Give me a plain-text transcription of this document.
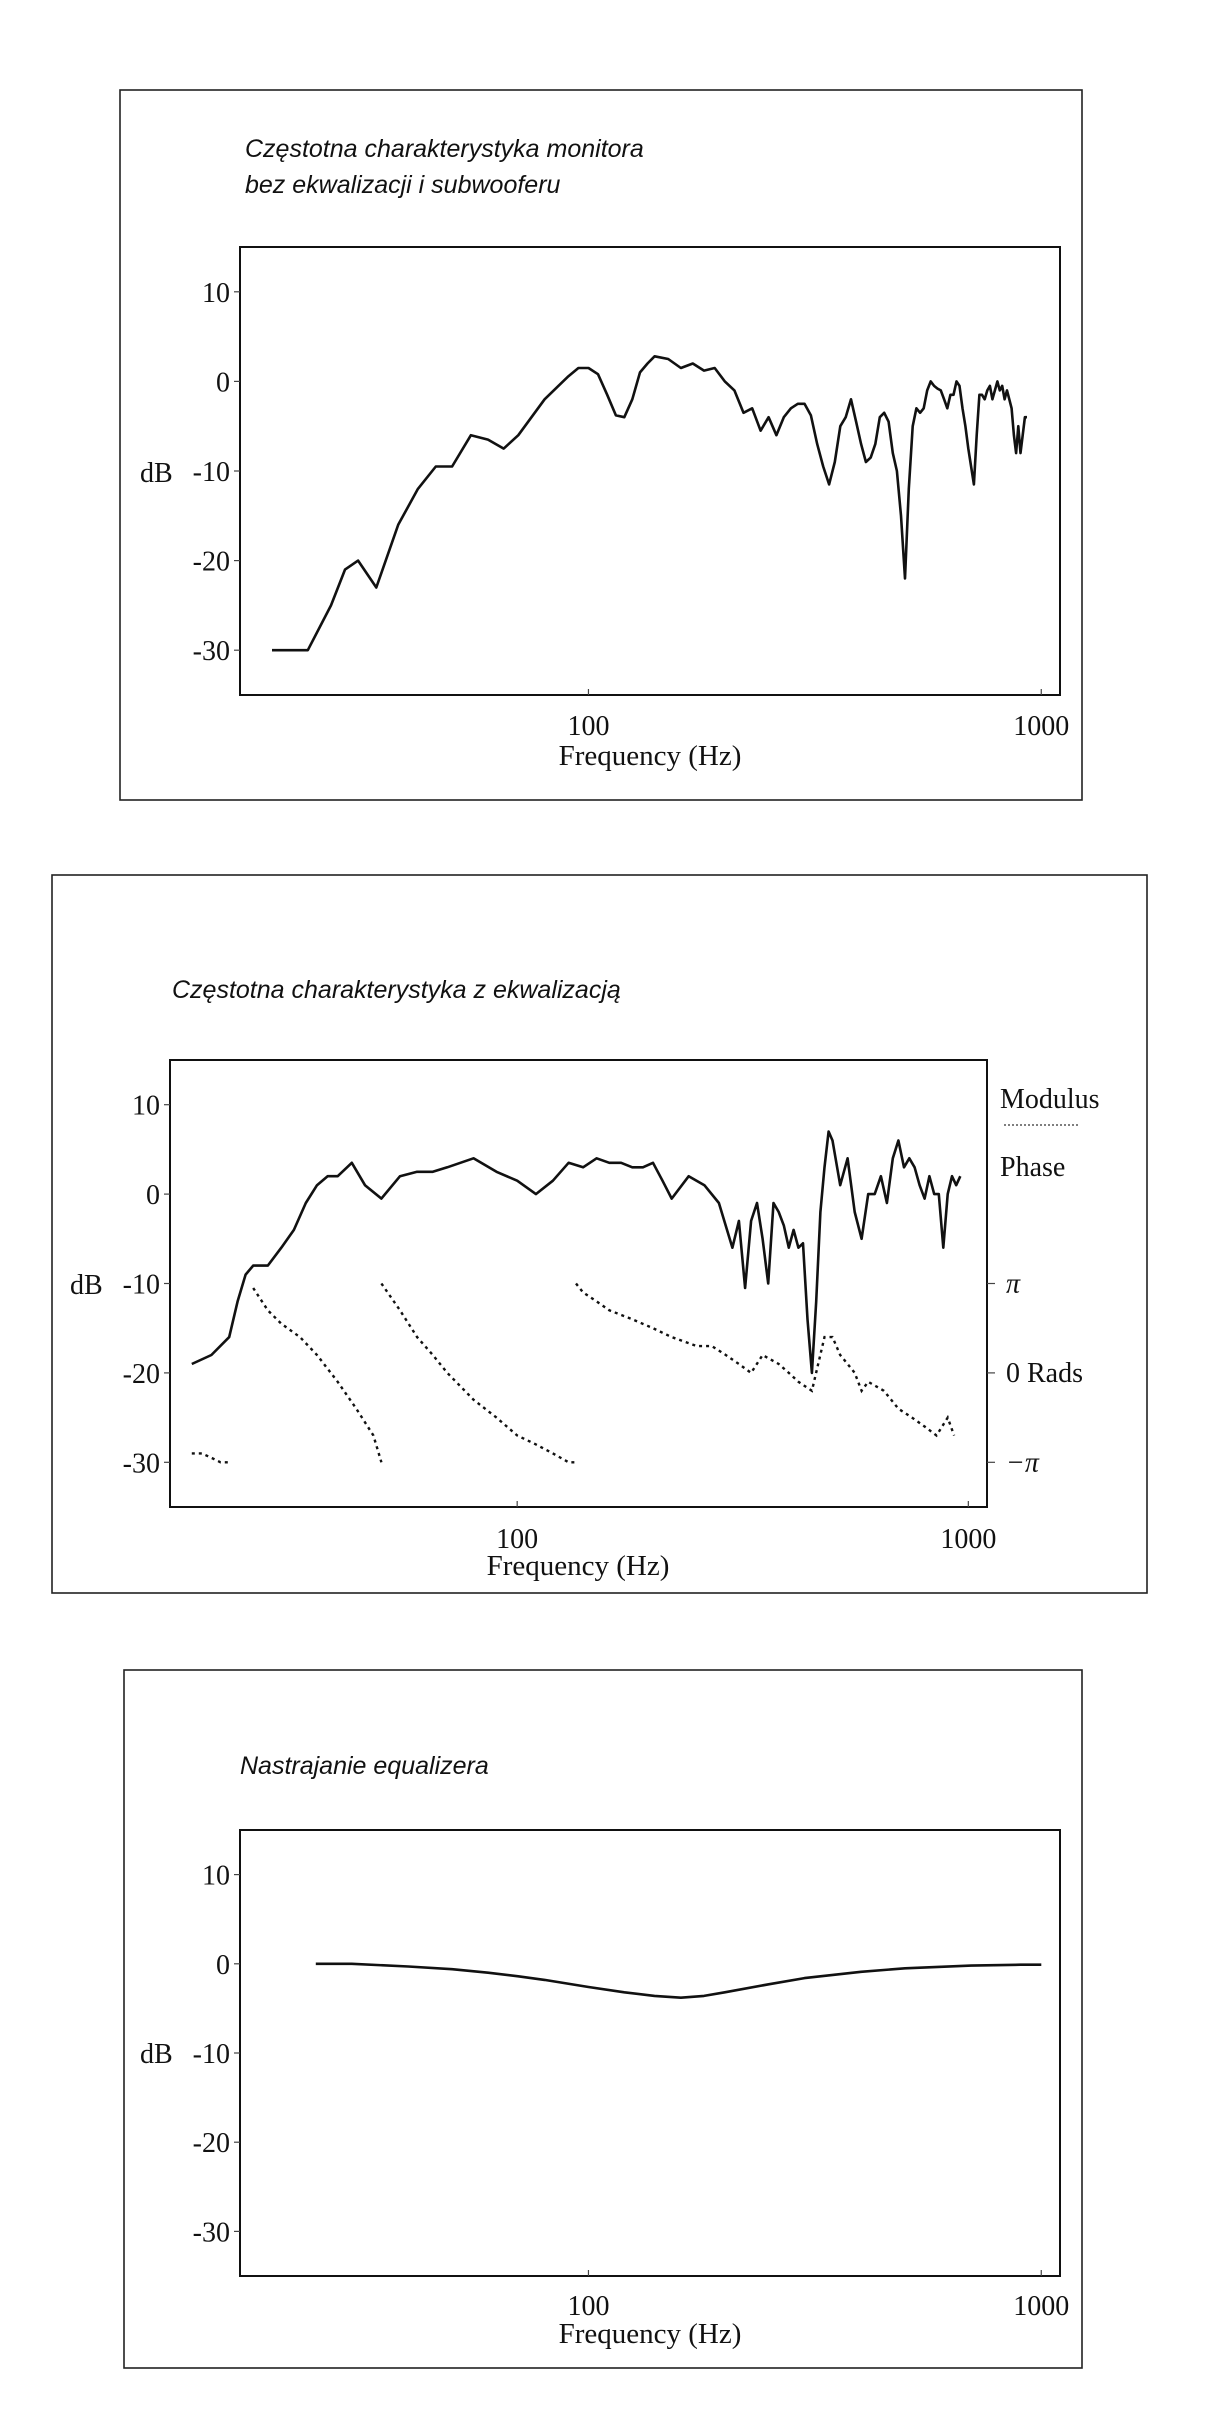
Częstotna charakterystyka monitora
bez ekwalizacji i subwooferu
10
0
-10
-20
-30
100	1000
dB
Frequency (Hz)
Częstotna charakterystyka z ekwalizacją
10
0
-10
-20
-30
100	1000
π
0 Rads
−π
dB
Frequency (Hz)
Modulus
Phase
Nastrajanie equalizera
10
0
-10
-20
-30
100	1000
dB
Frequency (Hz)
